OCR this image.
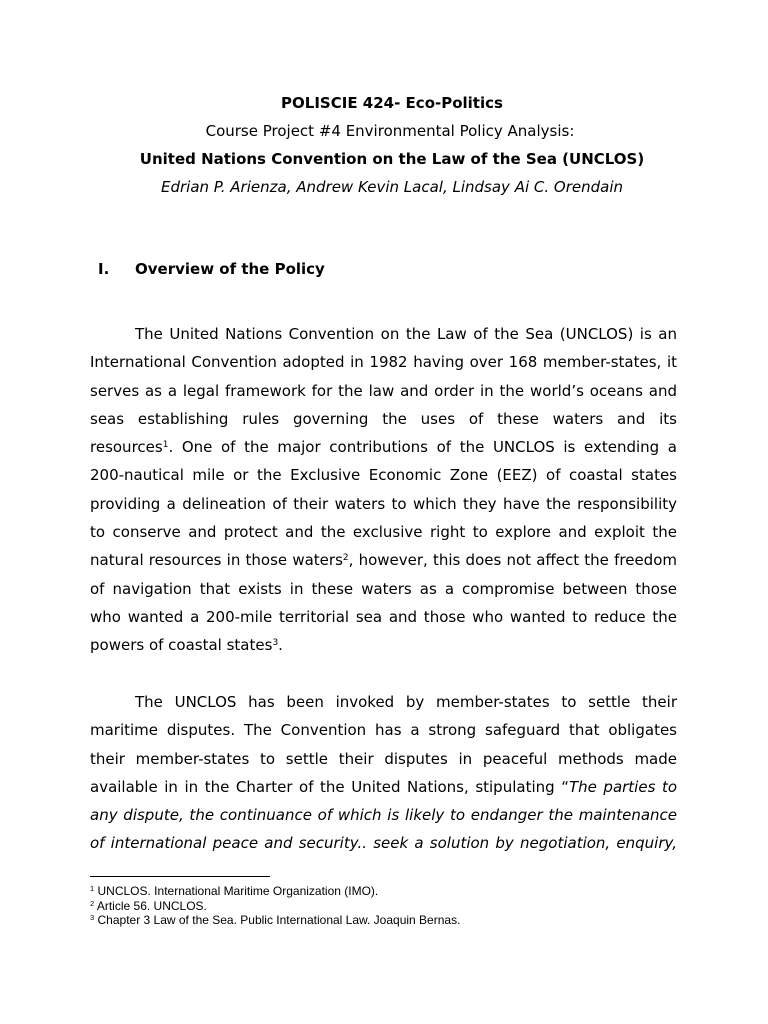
POLISCIE 424- Eco-Politics
Course Project #4 Environmental Policy Analysis:
United Nations Convention on the Law of the Sea (UNCLOS)
Edrian P. Arienza, Andrew Kevin Lacal, Lindsay Ai C. Orendain
I. Overview of the Policy
The United Nations Convention on the Law of the Sea (UNCLOS) is an
International Convention adopted in 1982 having over 168 member-states, it
serves as a legal framework for the law and order in the world’s oceans and
seas establishing rules governing the uses of these waters and its
resources$^1$. One of the major contributions of the UNCLOS is extending a
200-nautical mile or the Exclusive Economic Zone (EEZ) of coastal states
providing a delineation of their waters to which they have the responsibility
to conserve and protect and the exclusive right to explore and exploit the
natural resources in those waters$^2$, however, this does not affect the freedom
of navigation that exists in these waters as a compromise between those
who wanted a 200-mile territorial sea and those who wanted to reduce the
powers of coastal states$^3$.
The UNCLOS has been invoked by member-states to settle their
maritime disputes. The Convention has a strong safeguard that obligates
their member-states to settle their disputes in peaceful methods made
available in in the Charter of the United Nations, stipulating “The parties to
any dispute, the continuance of which is likely to endanger the maintenance
of international peace and security.. seek a solution by negotiation, enquiry,
$^1$ UNCLOS. International Maritime Organization (IMO).
$^2$ Article 56. UNCLOS.
$^3$ Chapter 3 Law of the Sea. Public International Law. Joaquin Bernas.
